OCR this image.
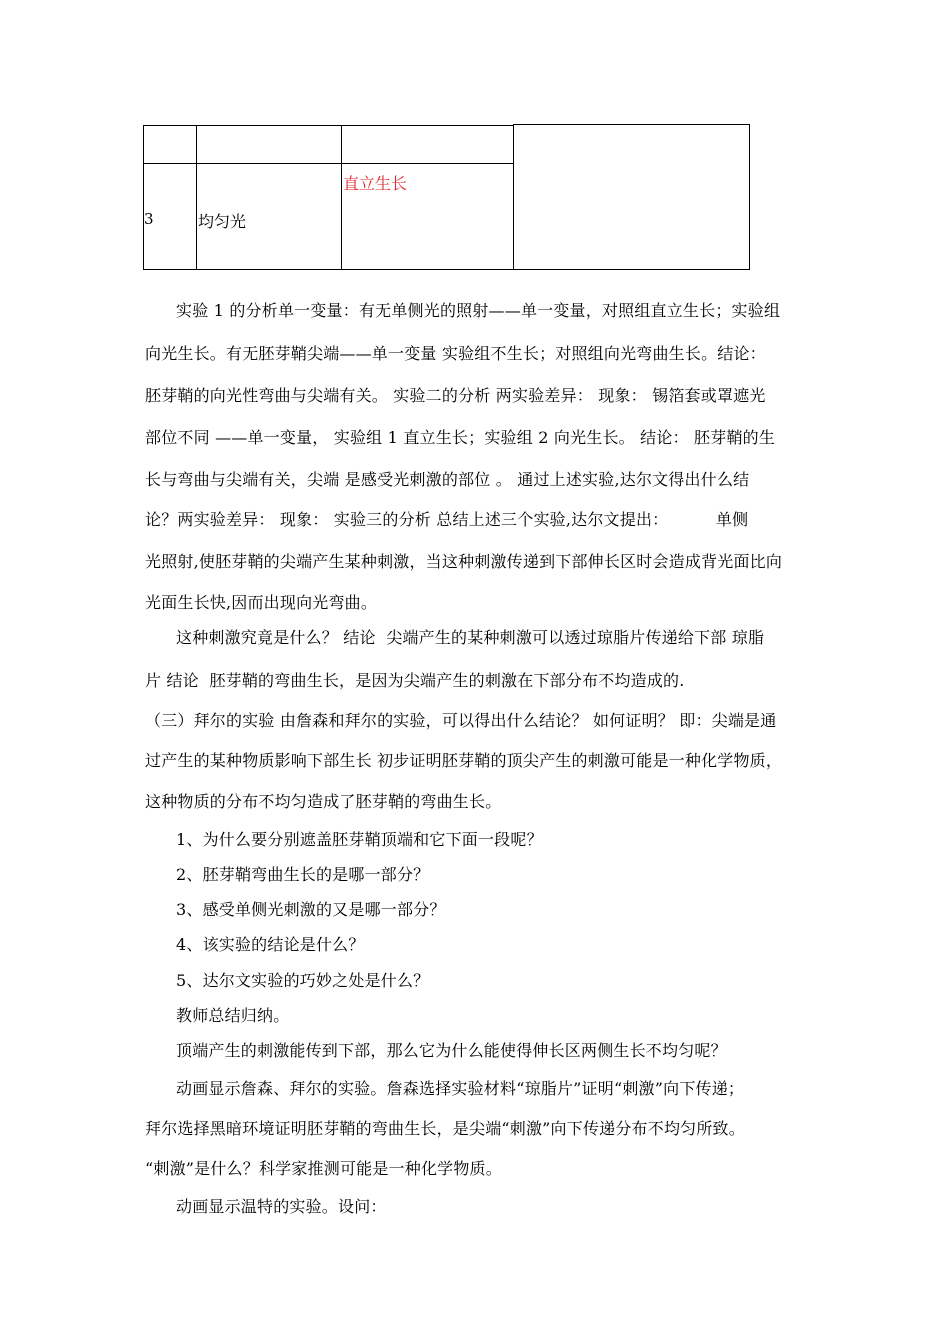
3	均匀光
直立生长
实验 1 的分析单一变量：有无单侧光的照射——单一变量，对照组直立生长；实验组
向光生长。有无胚芽鞘尖端——单一变量 实验组不生长；对照组向光弯曲生长。结论：
胚芽鞘的向光性弯曲与尖端有关。 实验二的分析 两实验差异： 现象： 锡箔套或罩遮光
部位不同 ——单一变量， 实验组 1 直立生长；实验组 2 向光生长。 结论： 胚芽鞘的生
长与弯曲与尖端有关，尖端 是感受光刺激的部位 。 通过上述实验,达尔文得出什么结
论？两实验差异： 现象： 实验三的分析 总结上述三个实验,达尔文提出：         单侧
光照射,使胚芽鞘的尖端产生某种刺激，当这种刺激传递到下部伸长区时会造成背光面比向
光面生长快,因而出现向光弯曲。
这种刺激究竟是什么？ 结论  尖端产生的某种刺激可以透过琼脂片传递给下部 琼脂
片 结论  胚芽鞘的弯曲生长，是因为尖端产生的刺激在下部分布不均造成的.
（三）拜尔的实验 由詹森和拜尔的实验，可以得出什么结论？ 如何证明？ 即：尖端是通
过产生的某种物质影响下部生长 初步证明胚芽鞘的顶尖产生的刺激可能是一种化学物质，
这种物质的分布不均匀造成了胚芽鞘的弯曲生长。
1、为什么要分别遮盖胚芽鞘顶端和它下面一段呢？
2、胚芽鞘弯曲生长的是哪一部分？
3、感受单侧光刺激的又是哪一部分？
4、该实验的结论是什么？
5、达尔文实验的巧妙之处是什么？
教师总结归纳。
顶端产生的刺激能传到下部，那么它为什么能使得伸长区两侧生长不均匀呢？
动画显示詹森、拜尔的实验。詹森选择实验材料“琼脂片”证明“刺激”向下传递；
拜尔选择黑暗环境证明胚芽鞘的弯曲生长，是尖端“刺激”向下传递分布不均匀所致。
“刺激”是什么？科学家推测可能是一种化学物质。
动画显示温特的实验。设问：
